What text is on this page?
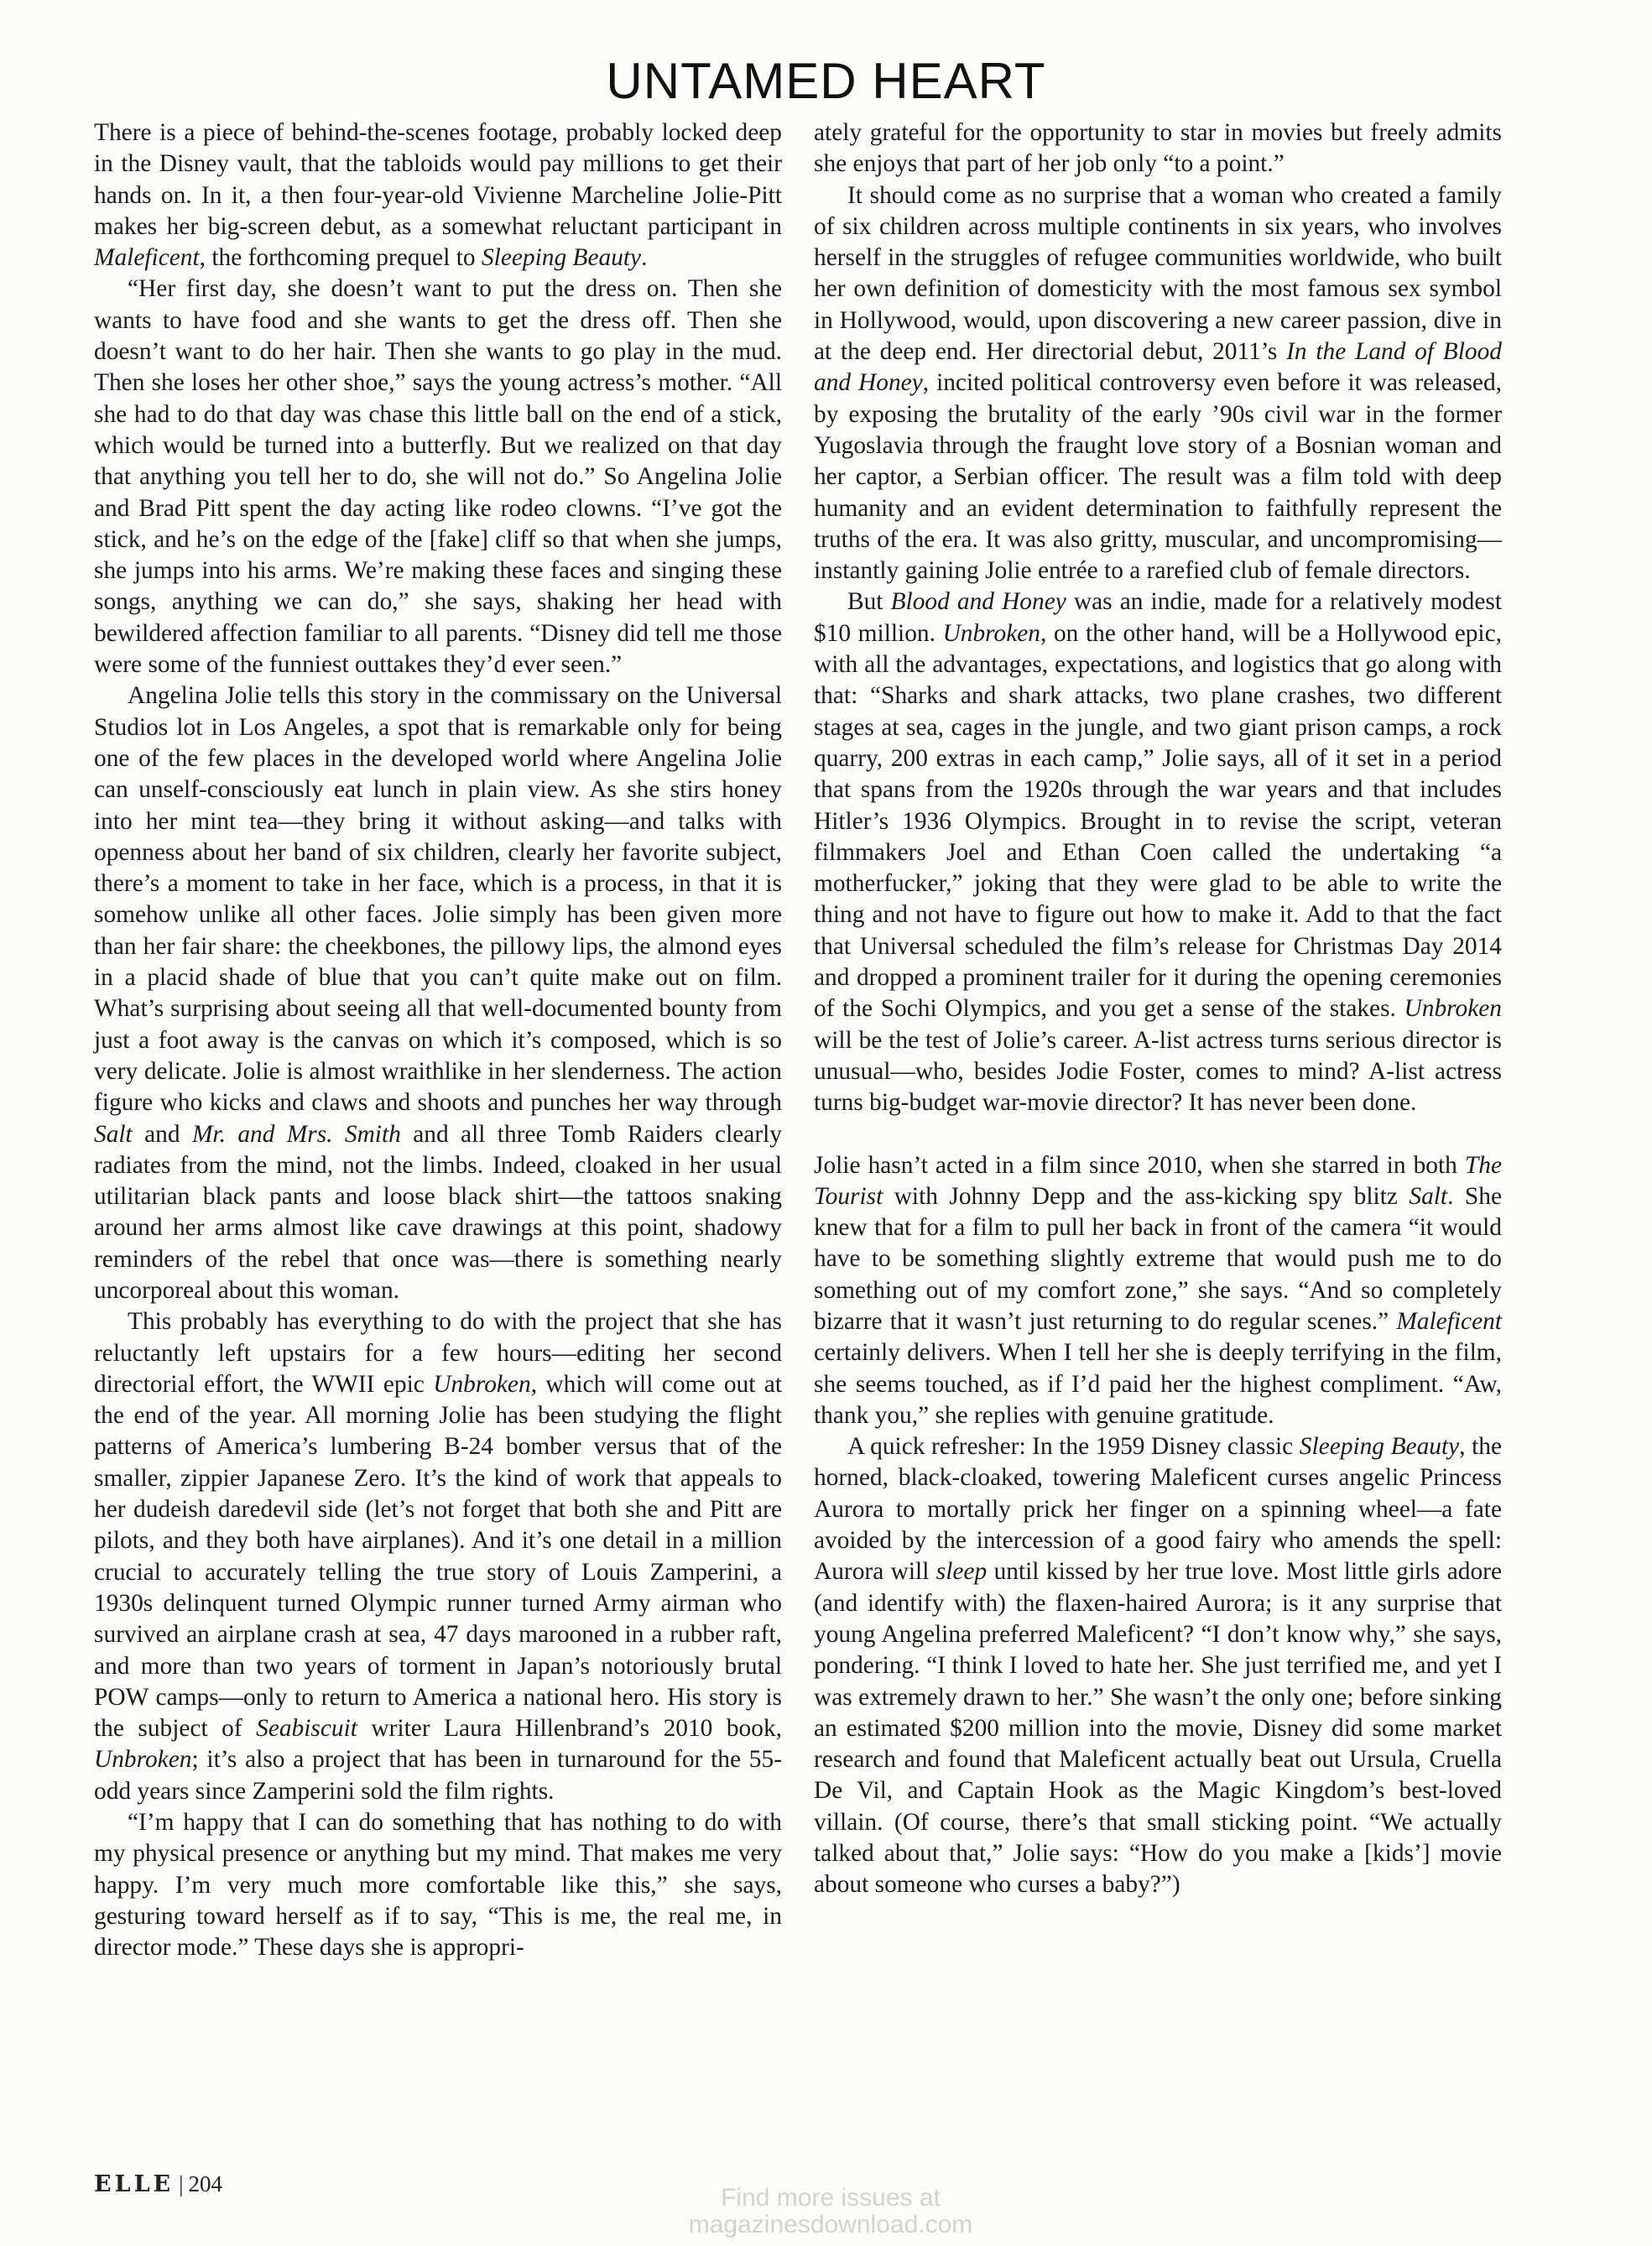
UNTAMED HEART

There is a piece of behind-the-scenes footage, probably locked deep in the Disney vault, that the tabloids would pay millions to get their hands on. In it, a then four-year-old Vivienne Marcheline Jolie-Pitt makes her big-screen debut, as a somewhat reluctant participant in Maleficent, the forthcoming prequel to Sleeping Beauty.

“Her first day, she doesn’t want to put the dress on. Then she wants to have food and she wants to get the dress off. Then she doesn’t want to do her hair. Then she wants to go play in the mud. Then she loses her other shoe,” says the young actress’s mother. “All she had to do that day was chase this little ball on the end of a stick, which would be turned into a butterfly. But we realized on that day that anything you tell her to do, she will not do.” So Angelina Jolie and Brad Pitt spent the day acting like rodeo clowns. “I’ve got the stick, and he’s on the edge of the [fake] cliff so that when she jumps, she jumps into his arms. We’re making these faces and singing these songs, anything we can do,” she says, shaking her head with bewildered affection familiar to all parents. “Disney did tell me those were some of the funniest outtakes they’d ever seen.”

Angelina Jolie tells this story in the commissary on the Universal Studios lot in Los Angeles, a spot that is remarkable only for being one of the few places in the developed world where Angelina Jolie can unself-consciously eat lunch in plain view. As she stirs honey into her mint tea—they bring it without asking—and talks with openness about her band of six children, clearly her favorite subject, there’s a moment to take in her face, which is a process, in that it is somehow unlike all other faces. Jolie simply has been given more than her fair share: the cheekbones, the pillowy lips, the almond eyes in a placid shade of blue that you can’t quite make out on film. What’s surprising about seeing all that well-documented bounty from just a foot away is the canvas on which it’s composed, which is so very delicate. Jolie is almost wraithlike in her slenderness. The action figure who kicks and claws and shoots and punches her way through Salt and Mr. and Mrs. Smith and all three Tomb Raiders clearly radiates from the mind, not the limbs. Indeed, cloaked in her usual utilitarian black pants and loose black shirt—the tattoos snaking around her arms almost like cave drawings at this point, shadowy reminders of the rebel that once was—there is something nearly uncorporeal about this woman.

This probably has everything to do with the project that she has reluctantly left upstairs for a few hours—editing her second directorial effort, the WWII epic Unbroken, which will come out at the end of the year. All morning Jolie has been studying the flight patterns of America’s lumbering B-24 bomber versus that of the smaller, zippier Japanese Zero. It’s the kind of work that appeals to her dudeish daredevil side (let’s not forget that both she and Pitt are pilots, and they both have airplanes). And it’s one detail in a million crucial to accurately telling the true story of Louis Zamperini, a 1930s delinquent turned Olympic runner turned Army airman who survived an airplane crash at sea, 47 days marooned in a rubber raft, and more than two years of torment in Japan’s notoriously brutal POW camps—only to return to America a national hero. His story is the subject of Seabiscuit writer Laura Hillenbrand’s 2010 book, Unbroken; it’s also a project that has been in turnaround for the 55-odd years since Zamperini sold the film rights.

“I’m happy that I can do something that has nothing to do with my physical presence or anything but my mind. That makes me very happy. I’m very much more comfortable like this,” she says, gesturing toward herself as if to say, “This is me, the real me, in director mode.” These days she is appropri-

ately grateful for the opportunity to star in movies but freely admits she enjoys that part of her job only “to a point.”

It should come as no surprise that a woman who created a family of six children across multiple continents in six years, who involves herself in the struggles of refugee communities worldwide, who built her own definition of domesticity with the most famous sex symbol in Hollywood, would, upon discovering a new career passion, dive in at the deep end. Her directorial debut, 2011’s In the Land of Blood and Honey, incited political controversy even before it was released, by exposing the brutality of the early ’90s civil war in the former Yugoslavia through the fraught love story of a Bosnian woman and her captor, a Serbian officer. The result was a film told with deep humanity and an evident determination to faithfully represent the truths of the era. It was also gritty, muscular, and uncompromising—instantly gaining Jolie entrée to a rarefied club of female directors.

But Blood and Honey was an indie, made for a relatively modest $10 million. Unbroken, on the other hand, will be a Hollywood epic, with all the advantages, expectations, and logistics that go along with that: “Sharks and shark attacks, two plane crashes, two different stages at sea, cages in the jungle, and two giant prison camps, a rock quarry, 200 extras in each camp,” Jolie says, all of it set in a period that spans from the 1920s through the war years and that includes Hitler’s 1936 Olympics. Brought in to revise the script, veteran filmmakers Joel and Ethan Coen called the undertaking “a motherfucker,” joking that they were glad to be able to write the thing and not have to figure out how to make it. Add to that the fact that Universal scheduled the film’s release for Christmas Day 2014 and dropped a prominent trailer for it during the opening ceremonies of the Sochi Olympics, and you get a sense of the stakes. Unbroken will be the test of Jolie’s career. A-list actress turns serious director is unusual—who, besides Jodie Foster, comes to mind? A-list actress turns big-budget war-movie director? It has never been done.

Jolie hasn’t acted in a film since 2010, when she starred in both The Tourist with Johnny Depp and the ass-kicking spy blitz Salt. She knew that for a film to pull her back in front of the camera “it would have to be something slightly extreme that would push me to do something out of my comfort zone,” she says. “And so completely bizarre that it wasn’t just returning to do regular scenes.” Maleficent certainly delivers. When I tell her she is deeply terrifying in the film, she seems touched, as if I’d paid her the highest compliment. “Aw, thank you,” she replies with genuine gratitude.

A quick refresher: In the 1959 Disney classic Sleeping Beauty, the horned, black-cloaked, towering Maleficent curses angelic Princess Aurora to mortally prick her finger on a spinning wheel—a fate avoided by the intercession of a good fairy who amends the spell: Aurora will sleep until kissed by her true love. Most little girls adore (and identify with) the flaxen-haired Aurora; is it any surprise that young Angelina preferred Maleficent? “I don’t know why,” she says, pondering. “I think I loved to hate her. She just terrified me, and yet I was extremely drawn to her.” She wasn’t the only one; before sinking an estimated $200 million into the movie, Disney did some market research and found that Maleficent actually beat out Ursula, Cruella De Vil, and Captain Hook as the Magic Kingdom’s best-loved villain. (Of course, there’s that small sticking point. “We actually talked about that,” Jolie says: “How do you make a [kids’] movie about someone who curses a baby?”)

ELLE | 204	Find more issues at
magazinesdownload.com
